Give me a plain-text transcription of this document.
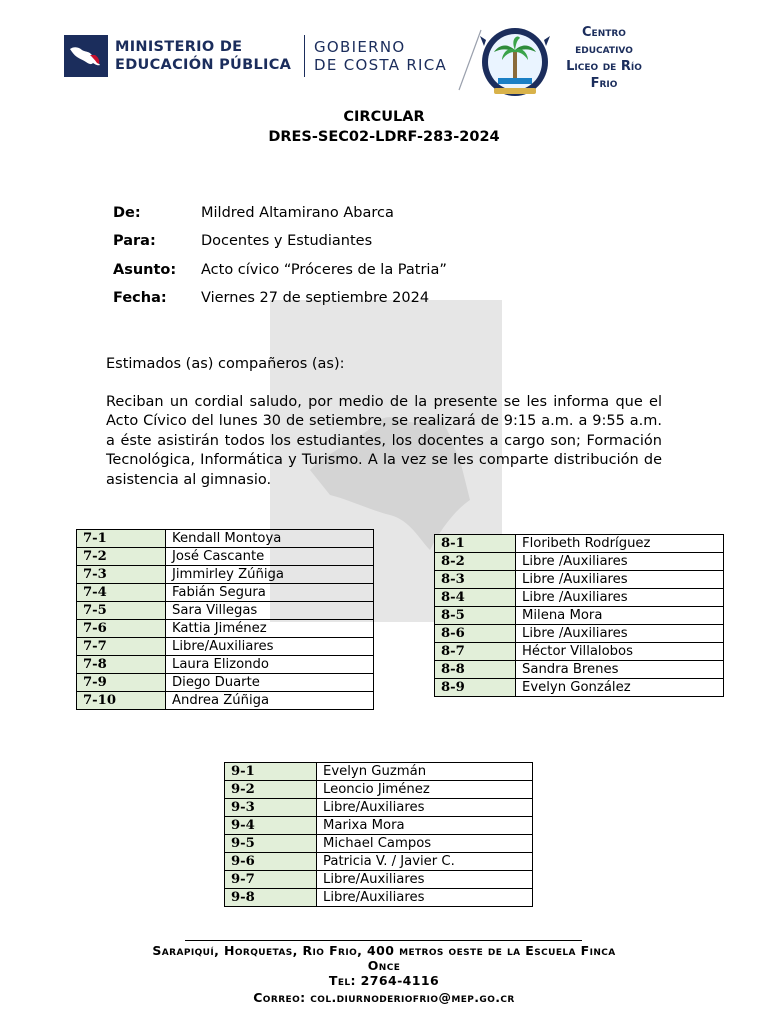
MINISTERIO DE
EDUCACIÓN PÚBLICA
GOBIERNO
DE COSTA RICA
Centro
educativo
Liceo de Río
Frio
CIRCULAR
DRES-SEC02-LDRF-283-2024
De:	Mildred Altamirano Abarca
Para:	Docentes y Estudiantes
Asunto: Acto cívico “Próceres de la Patria”
Fecha: Viernes 27 de septiembre 2024
Estimados (as) compañeros (as):
Reciban un cordial saludo, por medio de la presente se les informa que el Acto Cívico del lunes 30 de setiembre, se realizará de 9:15 a.m. a 9:55 a.m. a éste asistirán todos los estudiantes, los docentes a cargo son; Formación Tecnológica, Informática y Turismo. A la vez se les comparte distribución de asistencia al gimnasio.
7-1	Kendall Montoya
7-2	José Cascante
7-3	Jimmirley Zúñiga
7-4	Fabián Segura
7-5	Sara Villegas
7-6	Kattia Jiménez
7-7	Libre/Auxiliares
7-8	Laura Elizondo
7-9	Diego Duarte
7-10	Andrea Zúñiga
8-1	Floribeth Rodríguez
8-2	Libre /Auxiliares
8-3	Libre /Auxiliares
8-4	Libre /Auxiliares
8-5	Milena Mora
8-6	Libre /Auxiliares
8-7	Héctor Villalobos
8-8	Sandra Brenes
8-9	Evelyn González
9-1	Evelyn Guzmán
9-2	Leoncio Jiménez
9-3	Libre/Auxiliares
9-4	Marixa Mora
9-5	Michael Campos
9-6	Patricia V. / Javier C.
9-7	Libre/Auxiliares
9-8	Libre/Auxiliares
Sarapiquí, Horquetas, Rio Frio, 400 metros oeste de la Escuela Finca
Once
Tel: 2764-4116
Correo: col.diurnoderiofrio@mep.go.cr
